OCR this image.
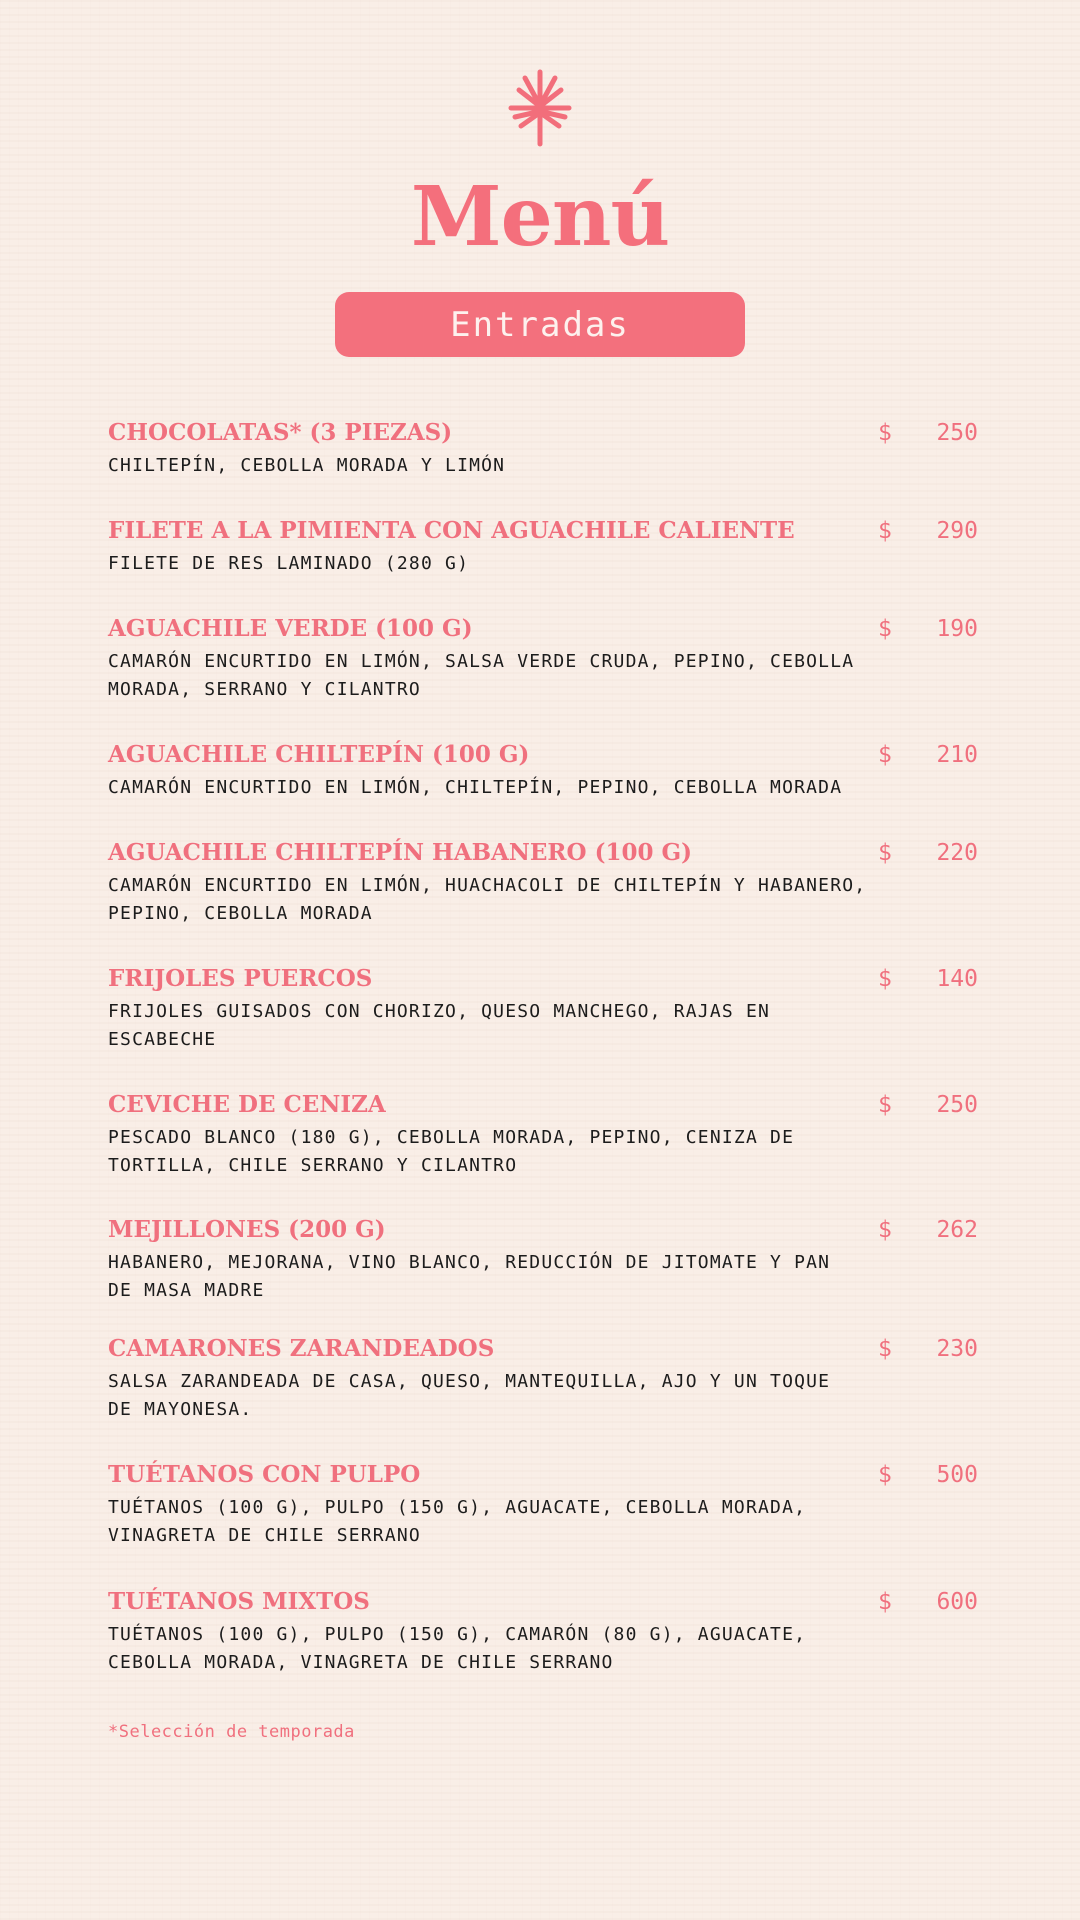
Menú
Entradas
CHOCOLATAS* (3 PIEZAS)
CHILTEPÍN, CEBOLLA MORADA Y LIMÓN
$ 250
FILETE A LA PIMIENTA CON AGUACHILE CALIENTE
FILETE DE RES LAMINADO (280 G)
$ 290
AGUACHILE VERDE (100 G)
CAMARÓN ENCURTIDO EN LIMÓN, SALSA VERDE CRUDA, PEPINO, CEBOLLA MORADA, SERRANO Y CILANTRO
$ 190
AGUACHILE CHILTEPÍN (100 G)
CAMARÓN ENCURTIDO EN LIMÓN, CHILTEPÍN, PEPINO, CEBOLLA MORADA
$ 210
AGUACHILE CHILTEPÍN HABANERO (100 G)
CAMARÓN ENCURTIDO EN LIMÓN, HUACHACOLI DE CHILTEPÍN Y HABANERO, PEPINO, CEBOLLA MORADA
$ 220
FRIJOLES PUERCOS
FRIJOLES GUISADOS CON CHORIZO, QUESO MANCHEGO, RAJAS EN ESCABECHE
$ 140
CEVICHE DE CENIZA
PESCADO BLANCO (180 G), CEBOLLA MORADA, PEPINO, CENIZA DE TORTILLA, CHILE SERRANO Y CILANTRO
$ 250
MEJILLONES (200 G)
HABANERO, MEJORANA, VINO BLANCO, REDUCCIÓN DE JITOMATE Y PAN DE MASA MADRE
$ 262
CAMARONES ZARANDEADOS
SALSA ZARANDEADA DE CASA, QUESO, MANTEQUILLA, AJO Y UN TOQUE DE MAYONESA.
$ 230
TUÉTANOS CON PULPO
TUÉTANOS (100 G), PULPO (150 G), AGUACATE, CEBOLLA MORADA, VINAGRETA DE CHILE SERRANO
$ 500
TUÉTANOS MIXTOS
TUÉTANOS (100 G), PULPO (150 G), CAMARÓN (80 G), AGUACATE, CEBOLLA MORADA, VINAGRETA DE CHILE SERRANO
$ 600
*Selección de temporada
